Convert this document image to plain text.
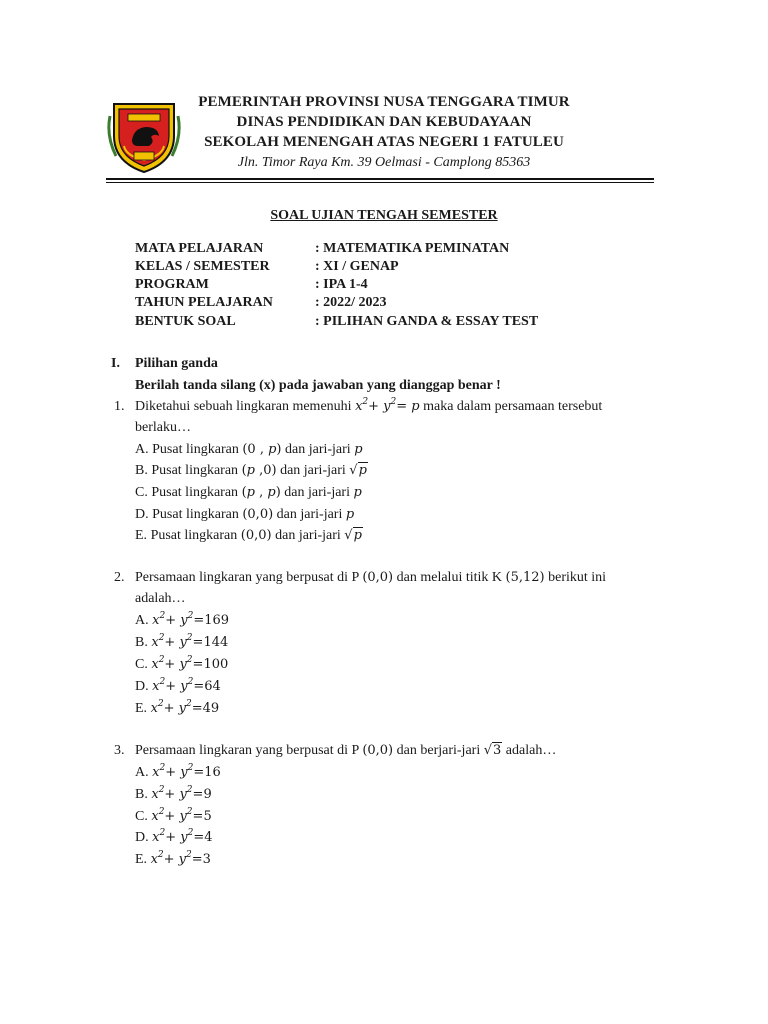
PEMERINTAH PROVINSI NUSA TENGGARA TIMUR
DINAS PENDIDIKAN DAN KEBUDAYAAN
SEKOLAH MENENGAH ATAS NEGERI 1 FATULEU
Jln. Timor Raya Km. 39 Oelmasi - Camplong 85363
SOAL UJIAN TENGAH SEMESTER
MATA PELAJARAN	: MATEMATIKA PEMINATAN
KELAS / SEMESTER	: XI / GENAP
PROGRAM	: IPA 1-4
TAHUN PELAJARAN	: 2022/ 2023
BENTUK SOAL	: PILIHAN GANDA & ESSAY TEST
I. Pilihan ganda
Berilah tanda silang (x) pada jawaban yang dianggap benar !
1. Diketahui sebuah lingkaran memenuhi $x^2+ y^2= p$ maka dalam persamaan tersebut
berlaku…
A. Pusat lingkaran (0 , p) dan jari-jari p
B. Pusat lingkaran (p ,0) dan jari-jari √p
C. Pusat lingkaran (p , p) dan jari-jari p
D. Pusat lingkaran (0,0) dan jari-jari p
E. Pusat lingkaran (0,0) dan jari-jari √p
2. Persamaan lingkaran yang berpusat di P (0,0) dan melalui titik K (5,12) berikut ini
adalah…
A. $x^2+ y^2=169$
B. $x^2+ y^2=144$
C. $x^2+ y^2=100$
D. $x^2+ y^2=64$
E. $x^2+ y^2=49$
3. Persamaan lingkaran yang berpusat di P (0,0) dan berjari-jari √3 adalah…
A. $x^2+ y^2=16$
B. $x^2+ y^2=9$
C. $x^2+ y^2=5$
D. $x^2+ y^2=4$
E. $x^2+ y^2=3$
